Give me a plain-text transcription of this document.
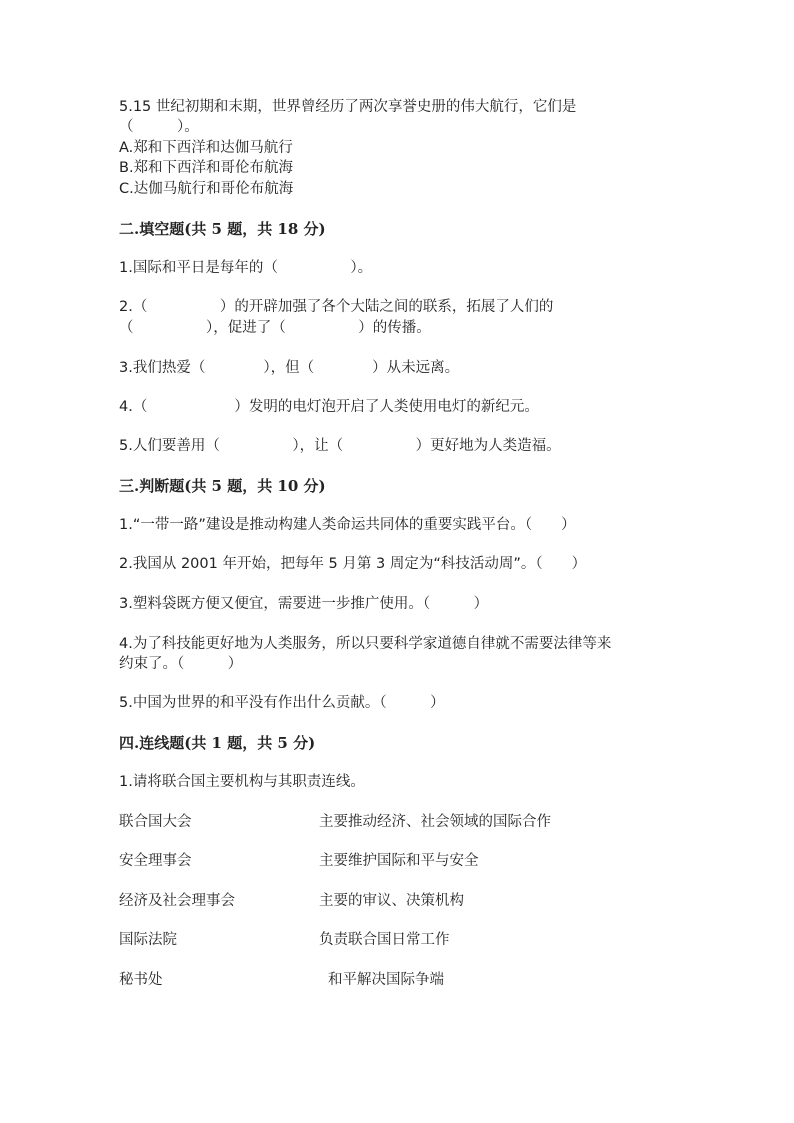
5.15 世纪初期和末期，世界曾经历了两次享誉史册的伟大航行，它们是
（　　　）。
A.郑和下西洋和达伽马航行
B.郑和下西洋和哥伦布航海
C.达伽马航行和哥伦布航海
二.填空题(共 5 题，共 18 分)
1.国际和平日是每年的（　　　　　）。
2.（　　　　　）的开辟加强了各个大陆之间的联系，拓展了人们的
（　　　　　），促进了（　　　　　）的传播。
3.我们热爱（　　　　），但（　　　　）从未远离。
4.（　　　　　　）发明的电灯泡开启了人类使用电灯的新纪元。
5.人们要善用（　　　　　），让（　　　　　）更好地为人类造福。
三.判断题(共 5 题，共 10 分)
1.“一带一路”建设是推动构建人类命运共同体的重要实践平台。（　　）
2.我国从 2001 年开始，把每年 5 月第 3 周定为“科技活动周”。（　　）
3.塑料袋既方便又便宜，需要进一步推广使用。（　　　）
4.为了科技能更好地为人类服务，所以只要科学家道德自律就不需要法律等来
约束了。（　　　）
5.中国为世界的和平没有作出什么贡献。（　　　）
四.连线题(共 1 题，共 5 分)
1.请将联合国主要机构与其职责连线。
联合国大会	主要推动经济、社会领域的国际合作
安全理事会	主要维护国际和平与安全
经济及社会理事会	主要的审议、决策机构
国际法院	负责联合国日常工作
秘书处	和平解决国际争端
